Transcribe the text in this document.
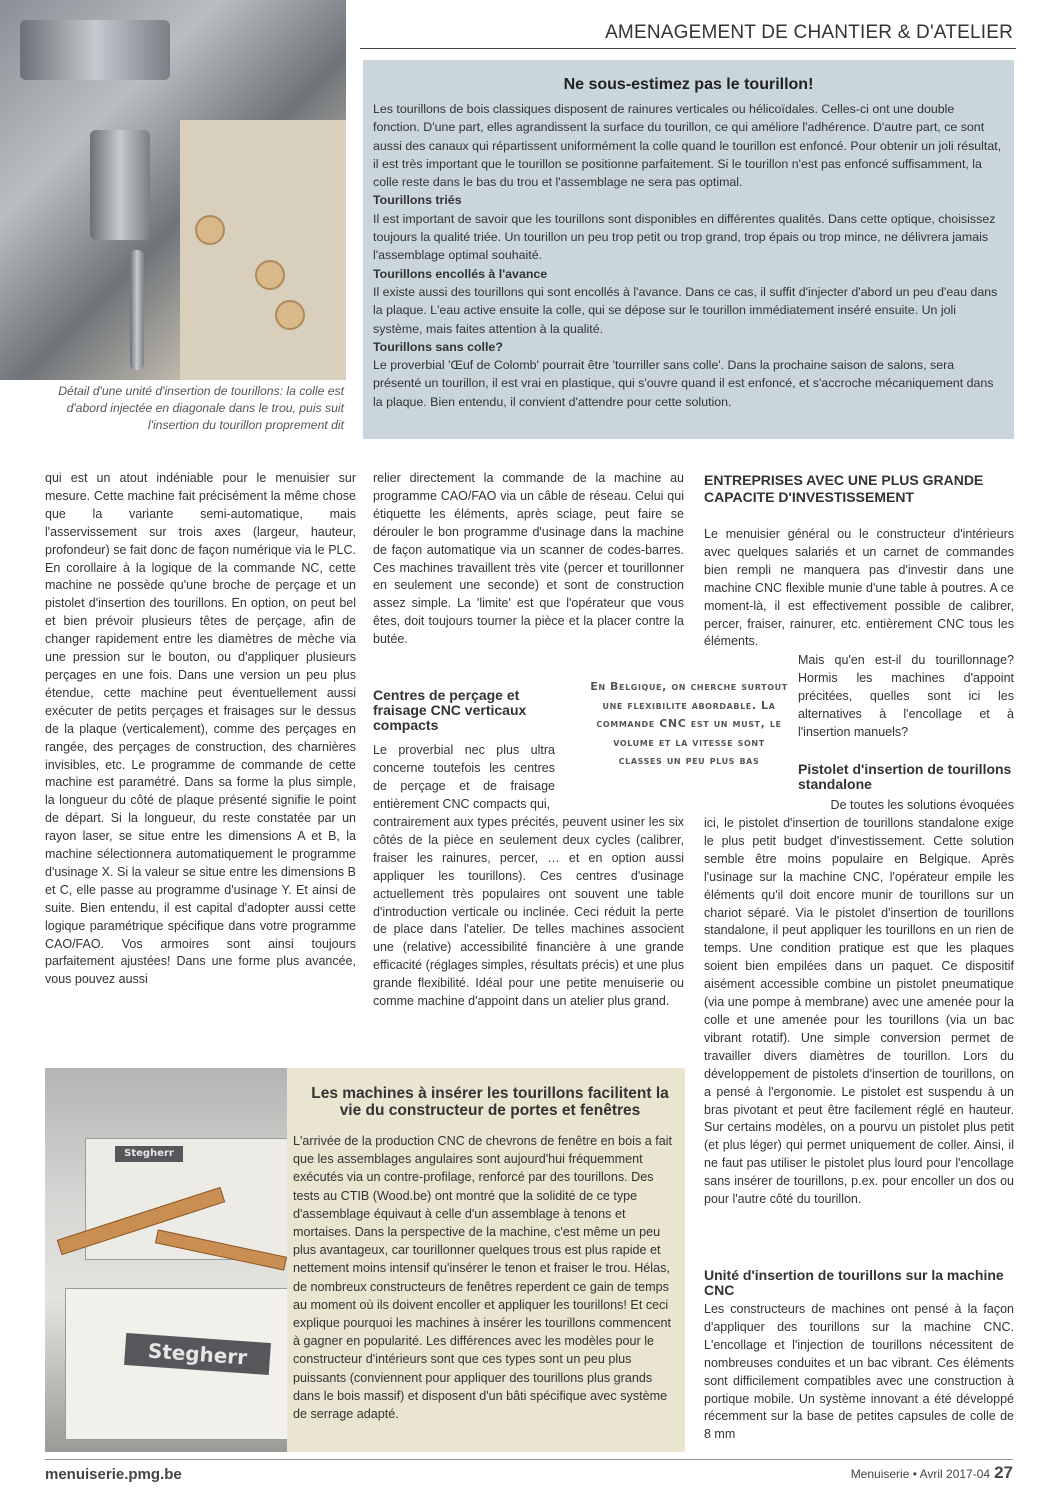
AMENAGEMENT DE CHANTIER & D'ATELIER
Détail d'une unité d'insertion de tourillons: la colle est d'abord injectée en diagonale dans le trou, puis suit l'insertion du tourillon proprement dit
Ne sous-estimez pas le tourillon!

Les tourillons de bois classiques disposent de rainures verticales ou hélicoïdales. Celles-ci ont une double fonction. D'une part, elles agrandissent la surface du tourillon, ce qui améliore l'adhérence. D'autre part, ce sont aussi des canaux qui répartissent uniformément la colle quand le tourillon est enfoncé. Pour obtenir un joli résultat, il est très important que le tourillon se positionne parfaitement. Si le tourillon n'est pas enfoncé suffisamment, la colle reste dans le bas du trou et l'assemblage ne sera pas optimal.

Tourillons triés

Il est important de savoir que les tourillons sont disponibles en différentes qualités. Dans cette optique, choisissez toujours la qualité triée. Un tourillon un peu trop petit ou trop grand, trop épais ou trop mince, ne délivrera jamais l'assemblage optimal souhaité.

Tourillons encollés à l'avance

Il existe aussi des tourillons qui sont encollés à l'avance. Dans ce cas, il suffit d'injecter d'abord un peu d'eau dans la plaque. L'eau active ensuite la colle, qui se dépose sur le tourillon immédiatement inséré ensuite. Un joli système, mais faites attention à la qualité.

Tourillons sans colle?

Le proverbial 'Œuf de Colomb' pourrait être 'tourriller sans colle'. Dans la prochaine saison de salons, sera présenté un tourillon, il est vrai en plastique, qui s'ouvre quand il est enfoncé, et s'accroche mécaniquement dans la plaque. Bien entendu, il convient d'attendre pour cette solution.

qui est un atout indéniable pour le menuisier sur mesure. Cette machine fait précisément la même chose que la variante semi-automatique, mais l'asservissement sur trois axes (largeur, hauteur, profondeur) se fait donc de façon numérique via le PLC. En corollaire à la logique de la commande NC, cette machine ne possède qu'une broche de perçage et un pistolet d'insertion des tourillons. En option, on peut bel et bien prévoir plusieurs têtes de perçage, afin de changer rapidement entre les diamètres de mèche via une pression sur le bouton, ou d'appliquer plusieurs perçages en une fois. Dans une version un peu plus étendue, cette machine peut éventuellement aussi exécuter de petits perçages et fraisages sur le dessus de la plaque (verticalement), comme des perçages en rangée, des perçages de construction, des charnières invisibles, etc. Le programme de commande de cette machine est paramétré. Dans sa forme la plus simple, la longueur du côté de plaque présenté signifie le point de départ. Si la longueur, du reste constatée par un rayon laser, se situe entre les dimensions A et B, la machine sélectionnera automatiquement le programme d'usinage X. Si la valeur se situe entre les dimensions B et C, elle passe au programme d'usinage Y. Et ainsi de suite. Bien entendu, il est capital d'adopter aussi cette logique paramétrique spécifique dans votre programme CAO/FAO. Vos armoires sont ainsi toujours parfaitement ajustées! Dans une forme plus avancée, vous pouvez aussi

relier directement la commande de la machine au programme CAO/FAO via un câble de réseau. Celui qui étiquette les éléments, après sciage, peut faire se dérouler le bon programme d'usinage dans la machine de façon automatique via un scanner de codes-barres. Ces machines travaillent très vite (percer et tourillonner en seulement une seconde) et sont de construction assez simple. La 'limite' est que l'opérateur que vous êtes, doit toujours tourner la pièce et la placer contre la butée.

Centres de perçage et fraisage CNC verticaux compacts

Le proverbial nec plus ultra concerne toutefois les centres de perçage et de fraisage entièrement CNC compacts qui,

contrairement aux types précités, peuvent usiner les six côtés de la pièce en seulement deux cycles (calibrer, fraiser les rainures, percer, … et en option aussi appliquer les tourillons). Ces centres d'usinage actuellement très populaires ont souvent une table d'introduction verticale ou inclinée. Ceci réduit la perte de place dans l'atelier. De telles machines associent une (relative) accessibilité financière à une grande efficacité (réglages simples, résultats précis) et une plus grande flexibilité. Idéal pour une petite menuiserie ou comme machine d'appoint dans un atelier plus grand.

En Belgique, on cherche surtout une flexibilite abordable. La commande CNC est un must, le volume et la vitesse sont classes un peu plus bas
ENTREPRISES AVEC UNE PLUS GRANDE CAPACITE D'INVESTISSEMENT

Le menuisier général ou le constructeur d'intérieurs avec quelques salariés et un carnet de commandes bien rempli ne manquera pas d'investir dans une machine CNC flexible munie d'une table à poutres. A ce moment-là, il est effectivement possible de calibrer, percer, fraiser, rainurer, etc. entièrement CNC tous les éléments.

Mais qu'en est-il du tourillonnage? Hormis les machines d'appoint précitées, quelles sont ici les alternatives à l'encollage et à l'insertion manuels?

Pistolet d'insertion de tourillons standalone

De toutes les solutions évoquées

ici, le pistolet d'insertion de tourillons standalone exige le plus petit budget d'investissement. Cette solution semble être moins populaire en Belgique. Après l'usinage sur la machine CNC, l'opérateur empile les éléments qu'il doit encore munir de tourillons sur un chariot séparé. Via le pistolet d'insertion de tourillons standalone, il peut appliquer les tourillons en un rien de temps. Une condition pratique est que les plaques soient bien empilées dans un paquet. Ce dispositif aisément accessible combine un pistolet pneumatique (via une pompe à membrane) avec une amenée pour la colle et une amenée pour les tourillons (via un bac vibrant rotatif). Une simple conversion permet de travailler divers diamètres de tourillon. Lors du développement de pistolets d'insertion de tourillons, on a pensé à l'ergonomie. Le pistolet est suspendu à un bras pivotant et peut être facilement réglé en hauteur. Sur certains modèles, on a pourvu un pistolet plus petit (et plus léger) qui permet uniquement de coller. Ainsi, il ne faut pas utiliser le pistolet plus lourd pour l'encollage sans insérer de tourillons, p.ex. pour encoller un dos ou pour l'autre côté du tourillon.

Unité d'insertion de tourillons sur la machine CNC

Les constructeurs de machines ont pensé à la façon d'appliquer des tourillons sur la machine CNC. L'encollage et l'injection de tourillons nécessitent de nombreuses conduites et un bac vibrant. Ces éléments sont difficilement compatibles avec une construction à portique mobile. Un système innovant a été développé récemment sur la base de petites capsules de colle de 8 mm

Les machines à insérer les tourillons facilitent la vie du constructeur de portes et fenêtres
L'arrivée de la production CNC de chevrons de fenêtre en bois a fait que les assemblages angulaires sont aujourd'hui fréquemment exécutés via un contre-profilage, renforcé par des tourillons. Des tests au CTIB (Wood.be) ont montré que la solidité de ce type d'assemblage équivaut à celle d'un assemblage à tenons et mortaises. Dans la perspective de la machine, c'est même un peu plus avantageux, car tourillonner quelques trous est plus rapide et nettement moins intensif qu'insérer le tenon et fraiser le trou. Hélas, de nombreux constructeurs de fenêtres reperdent ce gain de temps au moment où ils doivent encoller et appliquer les tourillons! Et ceci explique pourquoi les machines à insérer les tourillons commencent à gagner en popularité. Les différences avec les modèles pour le constructeur d'intérieurs sont que ces types sont un peu plus puissants (conviennent pour appliquer des tourillons plus grands dans le bois massif) et disposent d'un bâti spécifique avec système de serrage adapté.
Stegherr
Stegherr
menuiserie.pmg.be	Menuiserie • Avril 2017-04 27
